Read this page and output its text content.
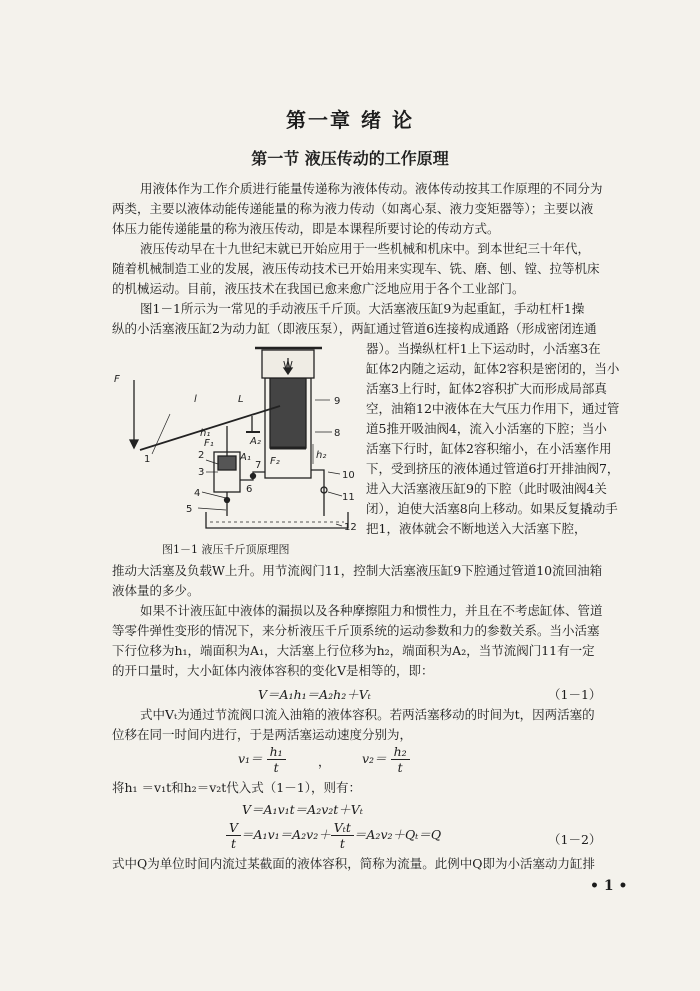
第一章 绪 论
第一节 液压传动的工作原理
用液体作为工作介质进行能量传递称为液体传动。液体传动按其工作原理的不同分为
两类，主要以液体动能传递能量的称为液力传动（如离心泵、液力变矩器等）；主要以液
体压力能传递能量的称为液压传动，即是本课程所要讨论的传动方式。
液压传动早在十九世纪末就已开始应用于一些机械和机床中。到本世纪三十年代，
随着机械制造工业的发展，液压传动技术已开始用来实现车、铣、磨、刨、镗、拉等机床
的机械运动。目前，液压技术在我国已愈来愈广泛地应用于各个工业部门。
图1－1所示为一常见的手动液压千斤顶。大活塞液压缸9为起重缸，手动杠杆1操
纵的小活塞液压缸2为动力缸（即液压泵），两缸通过管道6连接构成通路（形成密闭连通
器）。当操纵杠杆1上下运动时，小活塞3在
缸体2内随之运动，缸体2容积是密闭的，当小
活塞3上行时，缸体2容积扩大而形成局部真
空，油箱12中液体在大气压力作用下，通过管
道5推开吸油阀4，流入小活塞的下腔；当小
活塞下行时，缸体2容积缩小，在小活塞作用
下，受到挤压的液体通过管道6打开排油阀7，
进入大活塞液压缸9的下腔（此时吸油阀4关
闭），迫使大活塞8向上移动。如果反复撬动手
把1，液体就会不断地送入大活塞下腔，
W
F
l	L
1	2
3
4
5
6
7
8
9
10
11
12
A₁
A₂
F₁
F₂
h₁
h₂
图1－1 液压千斤顶原理图
推动大活塞及负载W上升。用节流阀门11，控制大活塞液压缸9下腔通过管道10流回油箱
液体量的多少。
如果不计液压缸中液体的漏损以及各种摩擦阻力和惯性力，并且在不考虑缸体、管道
等零件弹性变形的情况下，来分析液压千斤顶系统的运动参数和力的参数关系。当小活塞
下行位移为h₁，端面积为A₁，大活塞上行位移为h₂，端面积为A₂，当节流阀门11有一定
的开口量时，大小缸体内液体容积的变化V是相等的，即：
V＝A₁h₁＝A₂h₂＋Vₜ	（1－1）
式中Vₜ为通过节流阀口流入油箱的液体容积。若两活塞移动的时间为t，因两活塞的
位移在同一时间内进行，于是两活塞运动速度分别为，
$v_1= \frac{\text{h₁}}{t}$	，	$v_2= \frac{\text{h₂}}{t}$
将h₁ ＝v₁t和h₂＝v₂t代入式（1－1），则有：
V＝A₁v₁t＝A₂v₂t＋Vₜ
$\frac{V}{t} =A_1v_1=A_2v_2+ \frac{\text{Vₜt}}{t} =A_2v_2+Q_t=Q$	（1－2）
式中Q为单位时间内流过某截面的液体容积，简称为流量。此例中Q即为小活塞动力缸排
• 1 •
